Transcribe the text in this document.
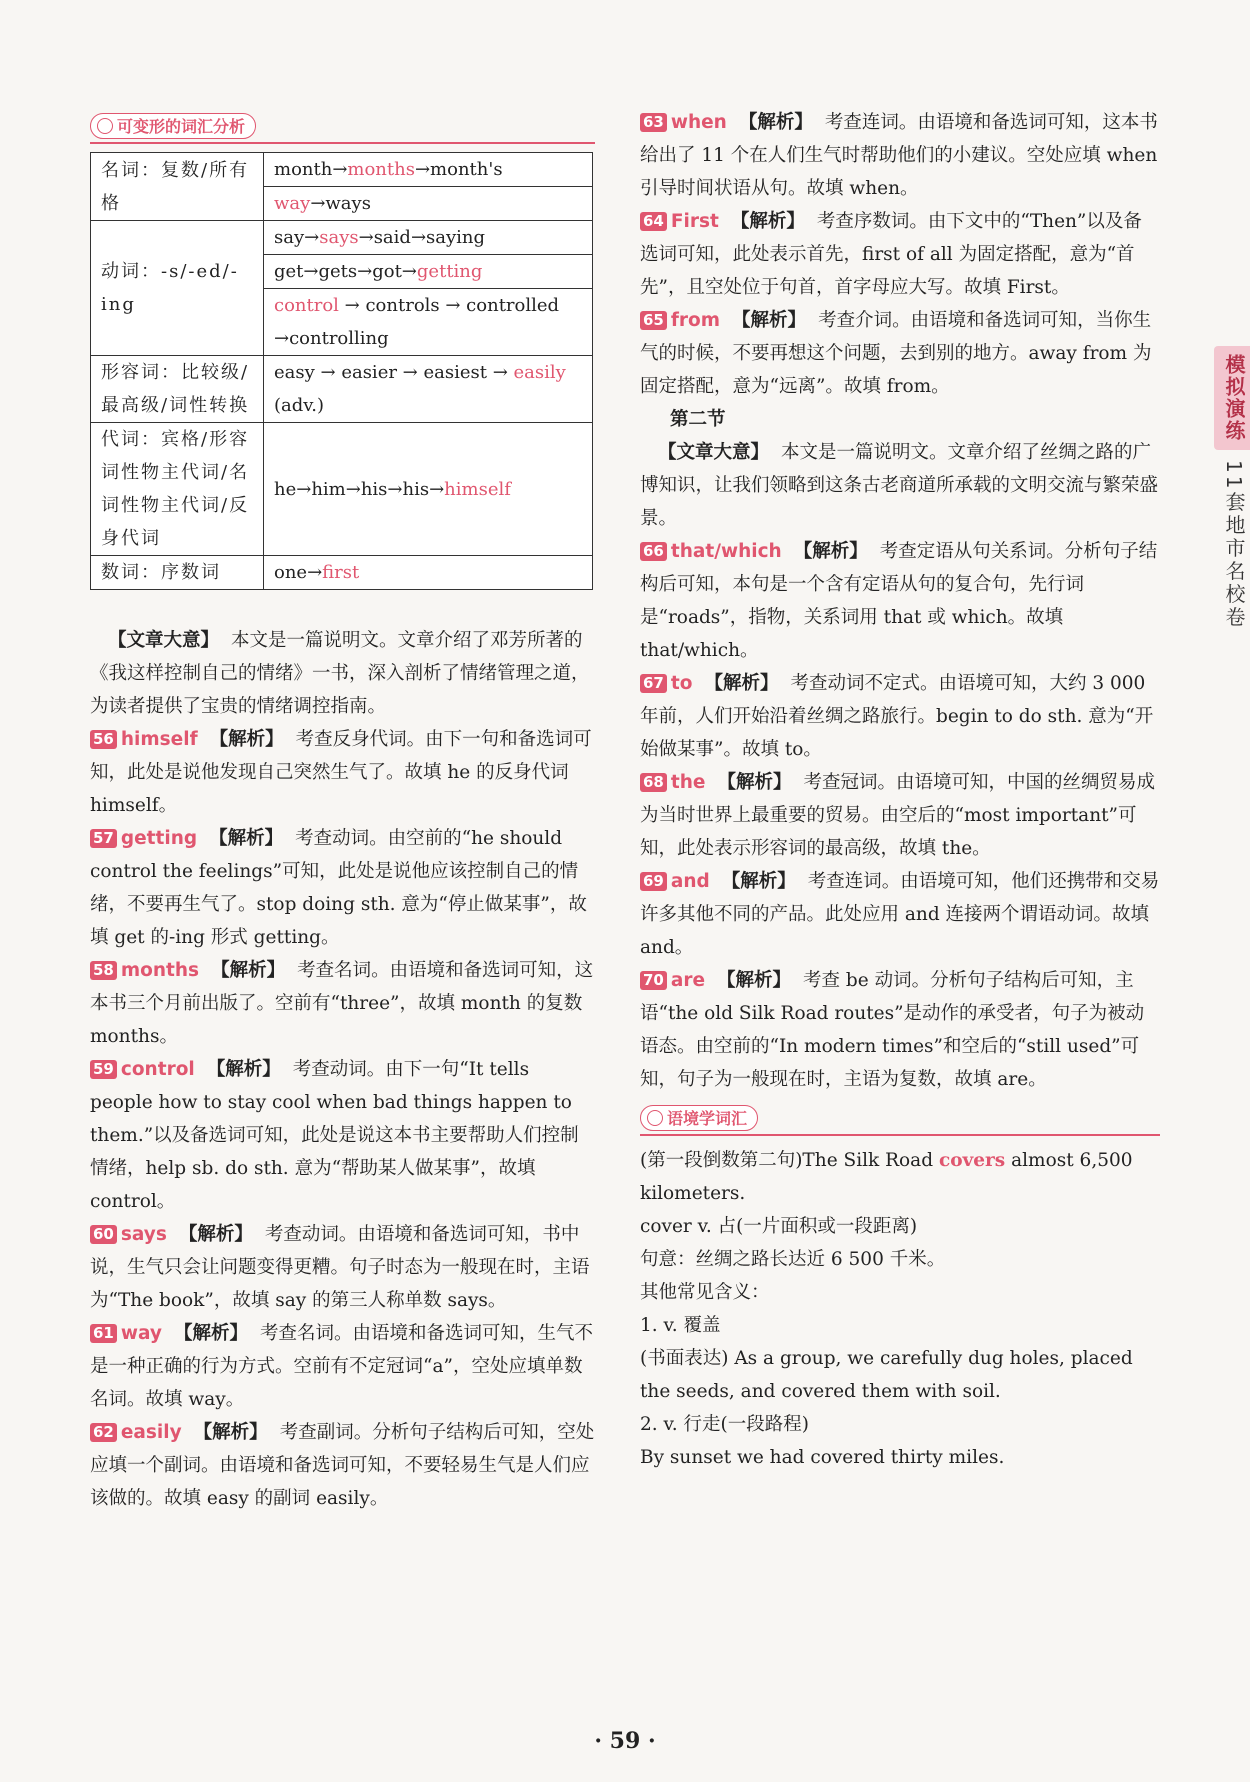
可变形的词汇分析
名词：复数/所有格	month→months→month's
	way→ways
动词：-s/-ed/-ing	say→says→said→saying
	get→gets→got→getting
	control → controls → controlled →controlling
形容词：比较级/最高级/词性转换	easy → easier → easiest → easily (adv.)
代词：宾格/形容词性物主代词/名词性物主代词/反身代词	he→him→his→his→himself
数词：序数词	one→first

【文章大意】 本文是一篇说明文。文章介绍了邓芳所著的《我这样控制自己的情绪》一书，深入剖析了情绪管理之道，为读者提供了宝贵的情绪调控指南。

56 himself 【解析】 考查反身代词。由下一句和备选词可知，此处是说他发现自己突然生气了。故填 he 的反身代词 himself。

57 getting 【解析】 考查动词。由空前的“he should control the feelings”可知，此处是说他应该控制自己的情绪，不要再生气了。stop doing sth. 意为“停止做某事”，故填 get 的-ing 形式 getting。

58 months 【解析】 考查名词。由语境和备选词可知，这本书三个月前出版了。空前有“three”，故填 month 的复数 months。

59 control 【解析】 考查动词。由下一句“It tells people how to stay cool when bad things happen to them.”以及备选词可知，此处是说这本书主要帮助人们控制情绪，help sb. do sth. 意为“帮助某人做某事”，故填 control。

60 says 【解析】 考查动词。由语境和备选词可知，书中说，生气只会让问题变得更糟。句子时态为一般现在时，主语为“The book”，故填 say 的第三人称单数 says。

61 way 【解析】 考查名词。由语境和备选词可知，生气不是一种正确的行为方式。空前有不定冠词“a”，空处应填单数名词。故填 way。

62 easily 【解析】 考查副词。分析句子结构后可知，空处应填一个副词。由语境和备选词可知，不要轻易生气是人们应该做的。故填 easy 的副词 easily。

63 when 【解析】 考查连词。由语境和备选词可知，这本书给出了 11 个在人们生气时帮助他们的小建议。空处应填 when 引导时间状语从句。故填 when。

64 First 【解析】 考查序数词。由下文中的“Then”以及备选词可知，此处表示首先，first of all 为固定搭配，意为“首先”，且空处位于句首，首字母应大写。故填 First。

65 from 【解析】 考查介词。由语境和备选词可知，当你生气的时候，不要再想这个问题，去到别的地方。away from 为固定搭配，意为“远离”。故填 from。

第二节

【文章大意】 本文是一篇说明文。文章介绍了丝绸之路的广博知识，让我们领略到这条古老商道所承载的文明交流与繁荣盛景。

66 that/which 【解析】 考查定语从句关系词。分析句子结构后可知，本句是一个含有定语从句的复合句，先行词是“roads”，指物，关系词用 that 或 which。故填 that/which。

67 to 【解析】 考查动词不定式。由语境可知，大约 3 000 年前，人们开始沿着丝绸之路旅行。begin to do sth. 意为“开始做某事”。故填 to。

68 the 【解析】 考查冠词。由语境可知，中国的丝绸贸易成为当时世界上最重要的贸易。由空后的“most important”可知，此处表示形容词的最高级，故填 the。

69 and 【解析】 考查连词。由语境可知，他们还携带和交易许多其他不同的产品。此处应用 and 连接两个谓语动词。故填 and。

70 are 【解析】 考查 be 动词。分析句子结构后可知，主语“the old Silk Road routes”是动作的承受者，句子为被动语态。由空前的“In modern times”和空后的“still used”可知，句子为一般现在时，主语为复数，故填 are。

语境学词汇

(第一段倒数第二句)The Silk Road covers almost 6,500 kilometers.

cover v. 占(一片面积或一段距离)

句意：丝绸之路长达近 6 500 千米。

其他常见含义：

1. v. 覆盖

(书面表达) As a group, we carefully dug holes, placed the seeds, and covered them with soil.

2. v. 行走(一段路程)

By sunset we had covered thirty miles.

模拟演练
11套地市名校卷
· 59 ·
